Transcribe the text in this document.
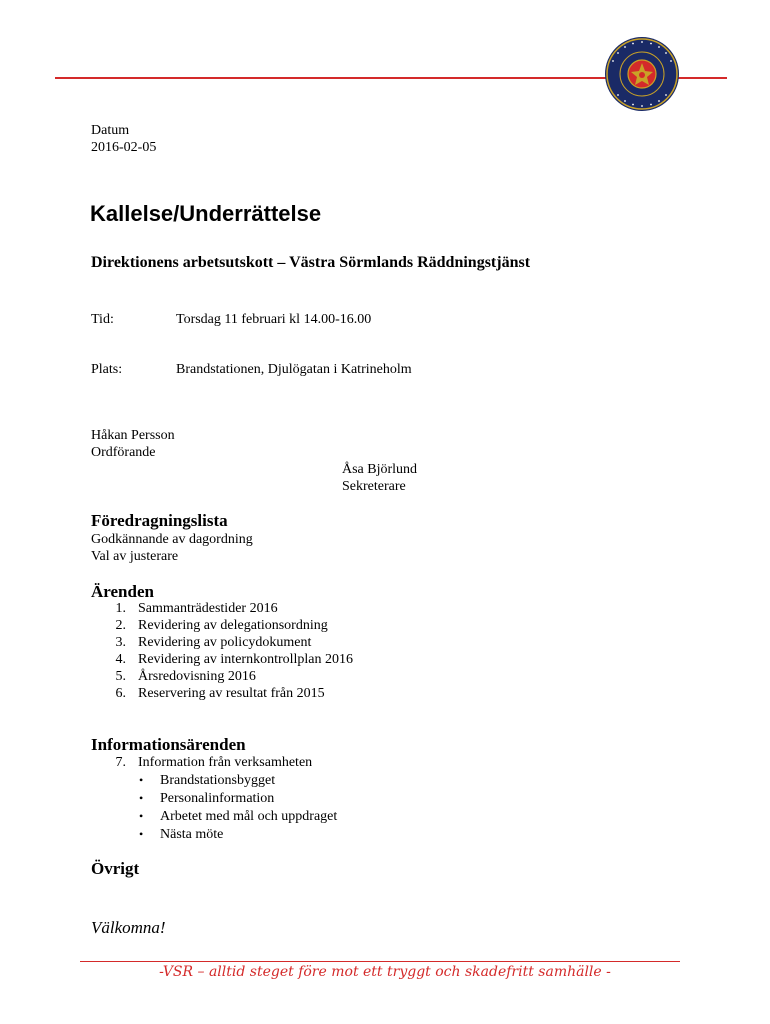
Datum
2016-02-05
Kallelse/Underrättelse
Direktionens arbetsutskott – Västra Sörmlands Räddningstjänst
Tid:	Torsdag 11 februari kl 14.00-16.00
Plats:	Brandstationen, Djulögatan i Katrineholm
Håkan Persson
Ordförande
Åsa Björlund
Sekreterare
Föredragningslista
Godkännande av dagordning
Val av justerare
Ärenden
1. Sammanträdestider 2016
2. Revidering av delegationsordning
3. Revidering av policydokument
4. Revidering av internkontrollplan 2016
5. Årsredovisning 2016
6. Reservering av resultat från 2015
Informationsärenden
7. Information från verksamheten
• Brandstationsbygget
• Personalinformation
• Arbetet med mål och uppdraget
• Nästa möte
Övrigt
Välkomna!
-VSR – alltid steget före mot ett tryggt och skadefritt samhälle -
